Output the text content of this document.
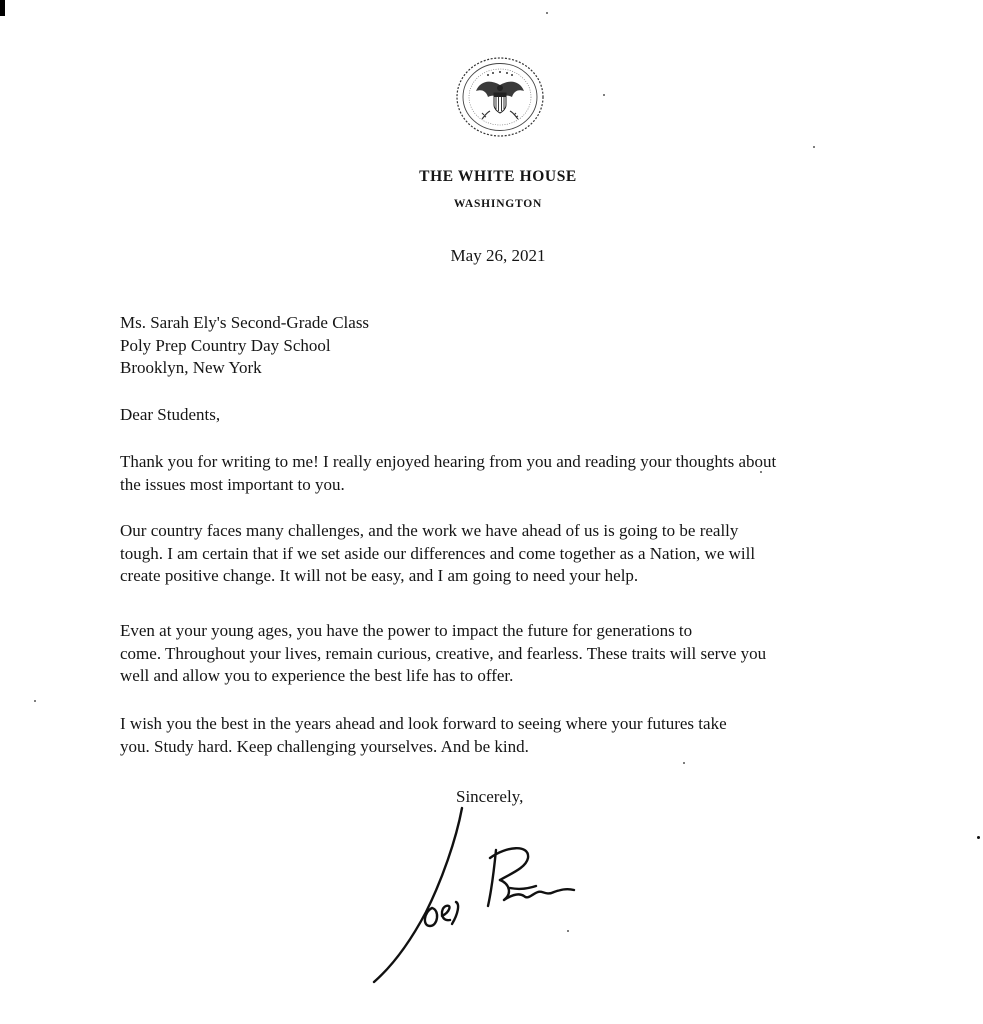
THE WHITE HOUSE
WASHINGTON
May 26, 2021
Ms. Sarah Ely's Second-Grade Class
Poly Prep Country Day School
Brooklyn, New York
Dear Students,
Thank you for writing to me! I really enjoyed hearing from you and reading your thoughts about
the issues most important to you.
Our country faces many challenges, and the work we have ahead of us is going to be really
tough. I am certain that if we set aside our differences and come together as a Nation, we will
create positive change. It will not be easy, and I am going to need your help.
Even at your young ages, you have the power to impact the future for generations to
come. Throughout your lives, remain curious, creative, and fearless. These traits will serve you
well and allow you to experience the best life has to offer.
I wish you the best in the years ahead and look forward to seeing where your futures take
you. Study hard. Keep challenging yourselves. And be kind.
Sincerely,
